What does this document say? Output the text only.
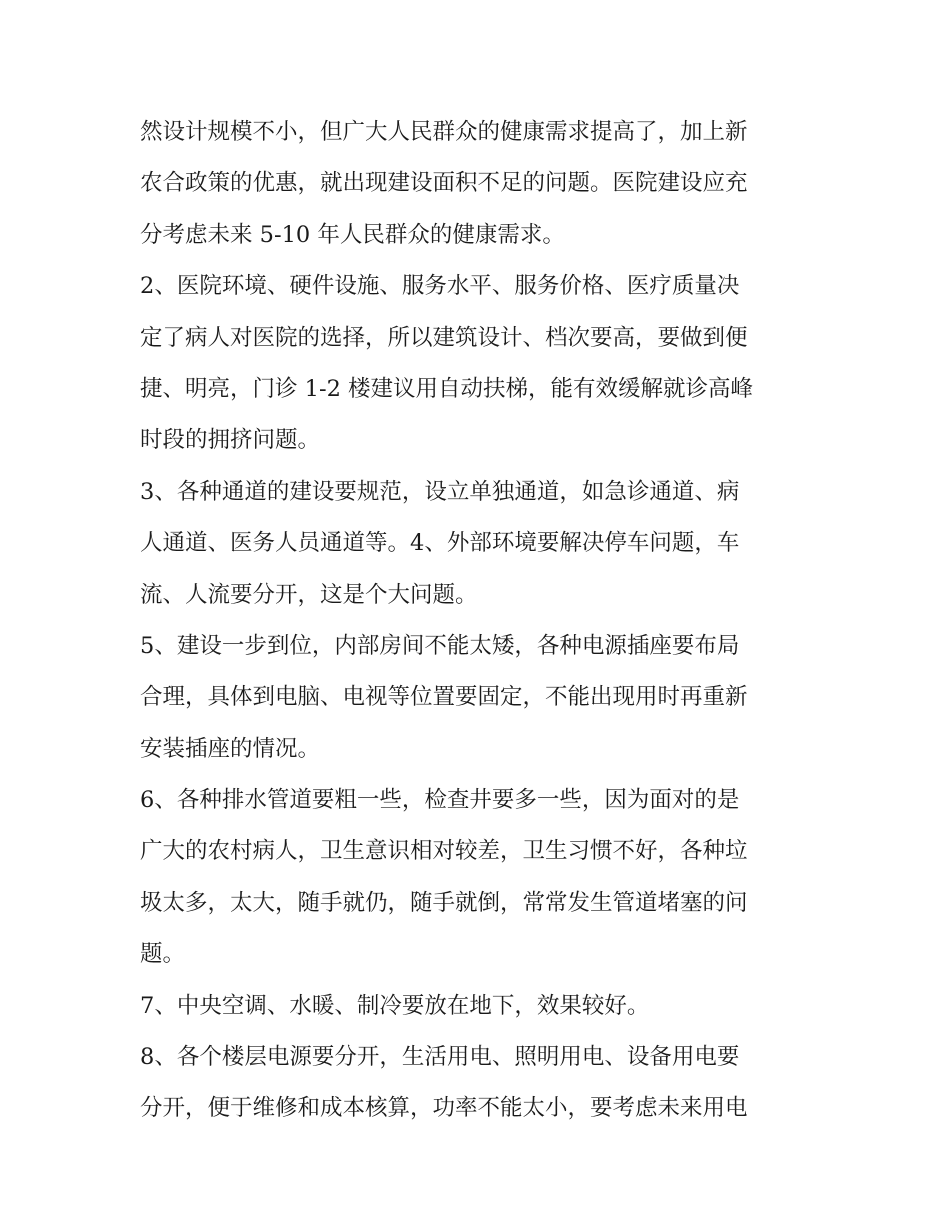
然设计规模不小，但广大人民群众的健康需求提高了，加上新
农合政策的优惠，就出现建设面积不足的问题。医院建设应充
分考虑未来 5-10 年人民群众的健康需求。
2、医院环境、硬件设施、服务水平、服务价格、医疗质量决
定了病人对医院的选择，所以建筑设计、档次要高，要做到便
捷、明亮，门诊 1-2 楼建议用自动扶梯，能有效缓解就诊高峰
时段的拥挤问题。
3、各种通道的建设要规范，设立单独通道，如急诊通道、病
人通道、医务人员通道等。4、外部环境要解决停车问题，车
流、人流要分开，这是个大问题。
5、建设一步到位，内部房间不能太矮，各种电源插座要布局
合理，具体到电脑、电视等位置要固定，不能出现用时再重新
安装插座的情况。
6、各种排水管道要粗一些，检查井要多一些，因为面对的是
广大的农村病人，卫生意识相对较差，卫生习惯不好，各种垃
圾太多，太大，随手就仍，随手就倒，常常发生管道堵塞的问
题。
7、中央空调、水暖、制冷要放在地下，效果较好。
8、各个楼层电源要分开，生活用电、照明用电、设备用电要
分开，便于维修和成本核算，功率不能太小，要考虑未来用电
